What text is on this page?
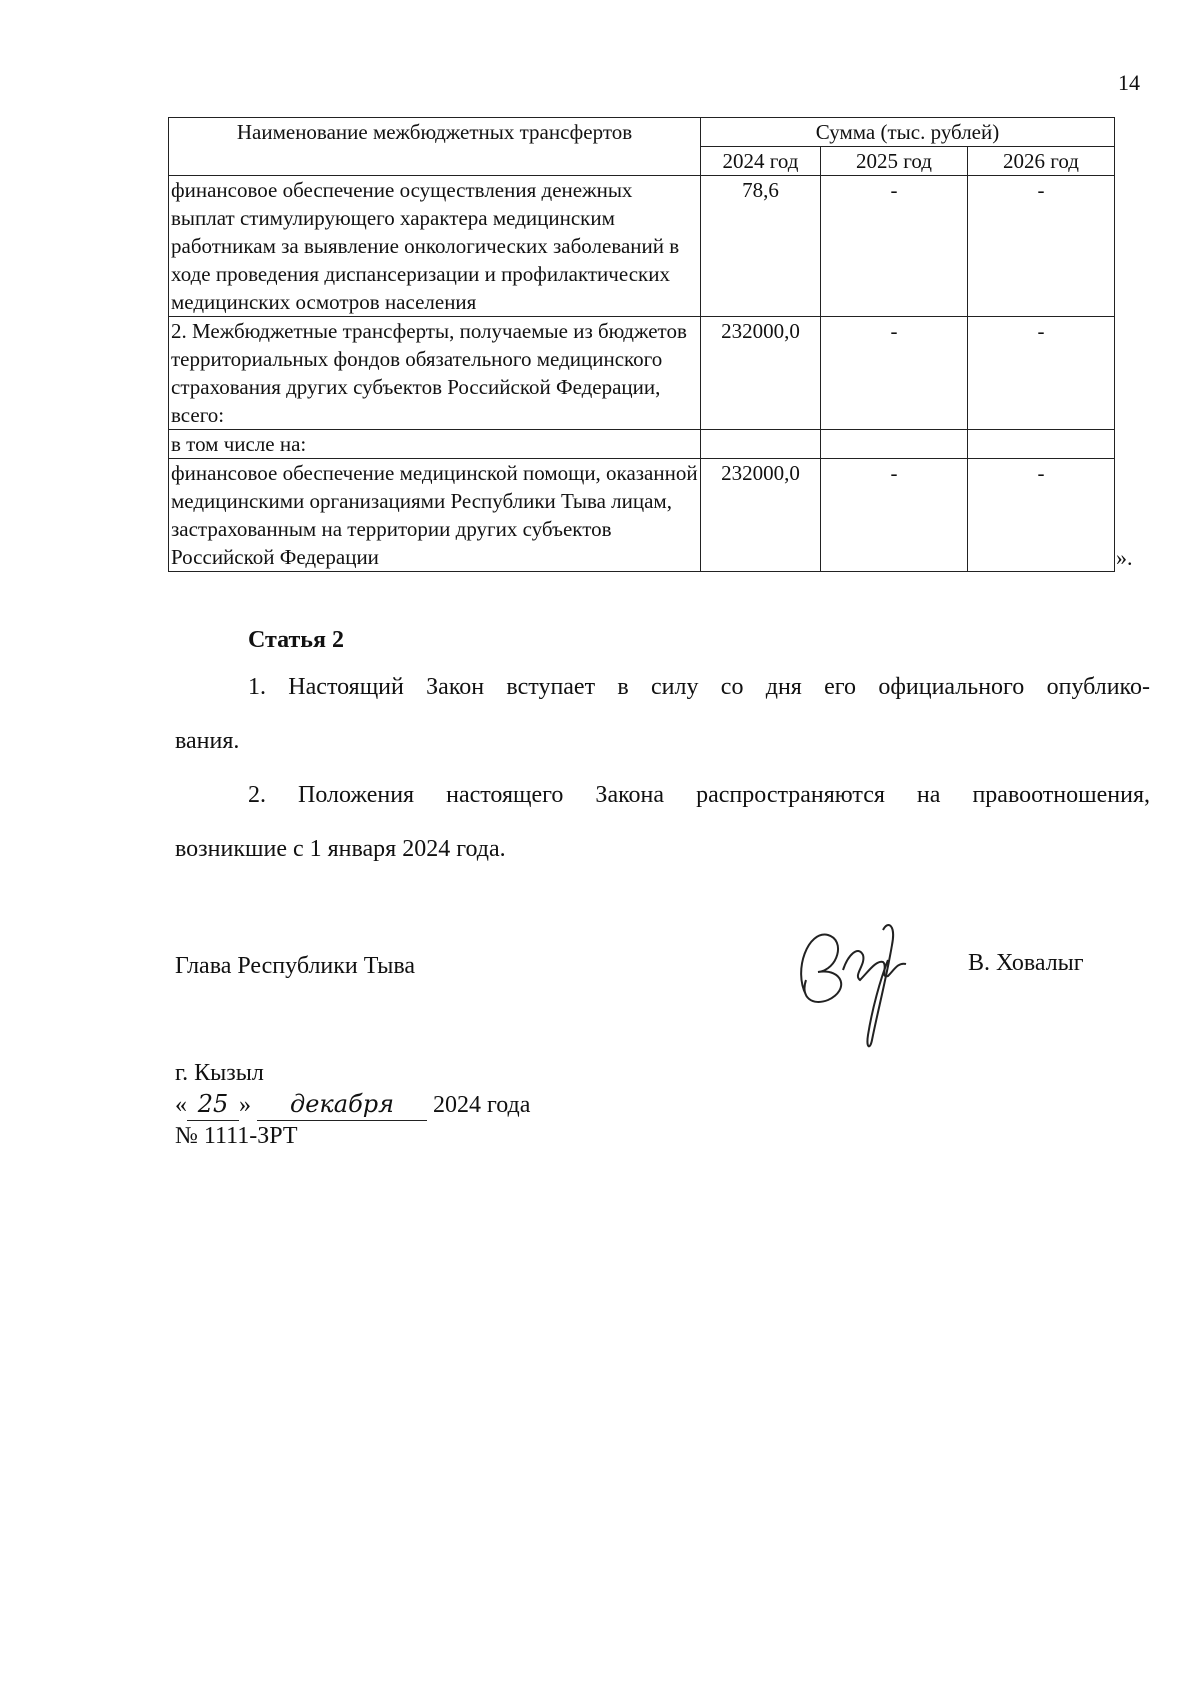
14
Наименование межбюджетных трансфертов	Сумма (тыс. рублей)		
	2024 год	2025 год	2026 год
финансовое обеспечение осуществления денежных выплат стимулирующего характера медицинским работникам за выявление онкологических заболеваний в ходе проведения диспансеризации и профилактических медицинских осмотров населения	78,6	-	-
2. Межбюджетные трансферты, получаемые из бюджетов территориальных фондов обязательного медицинского страхования других субъектов Российской Федерации, всего:	232000,0	-	-
в том числе на:			
финансовое обеспечение медицинской помощи, оказанной медицинскими организациями Республики Тыва лицам, застрахованным на территории других субъектов Российской Федерации	232000,0	-	-
».
Статья 2
1. Настоящий Закон вступает в силу со дня его официального опублико-
вания.
2. Положения настоящего Закона распространяются на правоотношения,
возникшие с 1 января 2024 года.
Глава Республики Тыва	В. Ховалыг
г. Кызыл
« 25 » декабря 2024 года
№ 1111-ЗРТ
